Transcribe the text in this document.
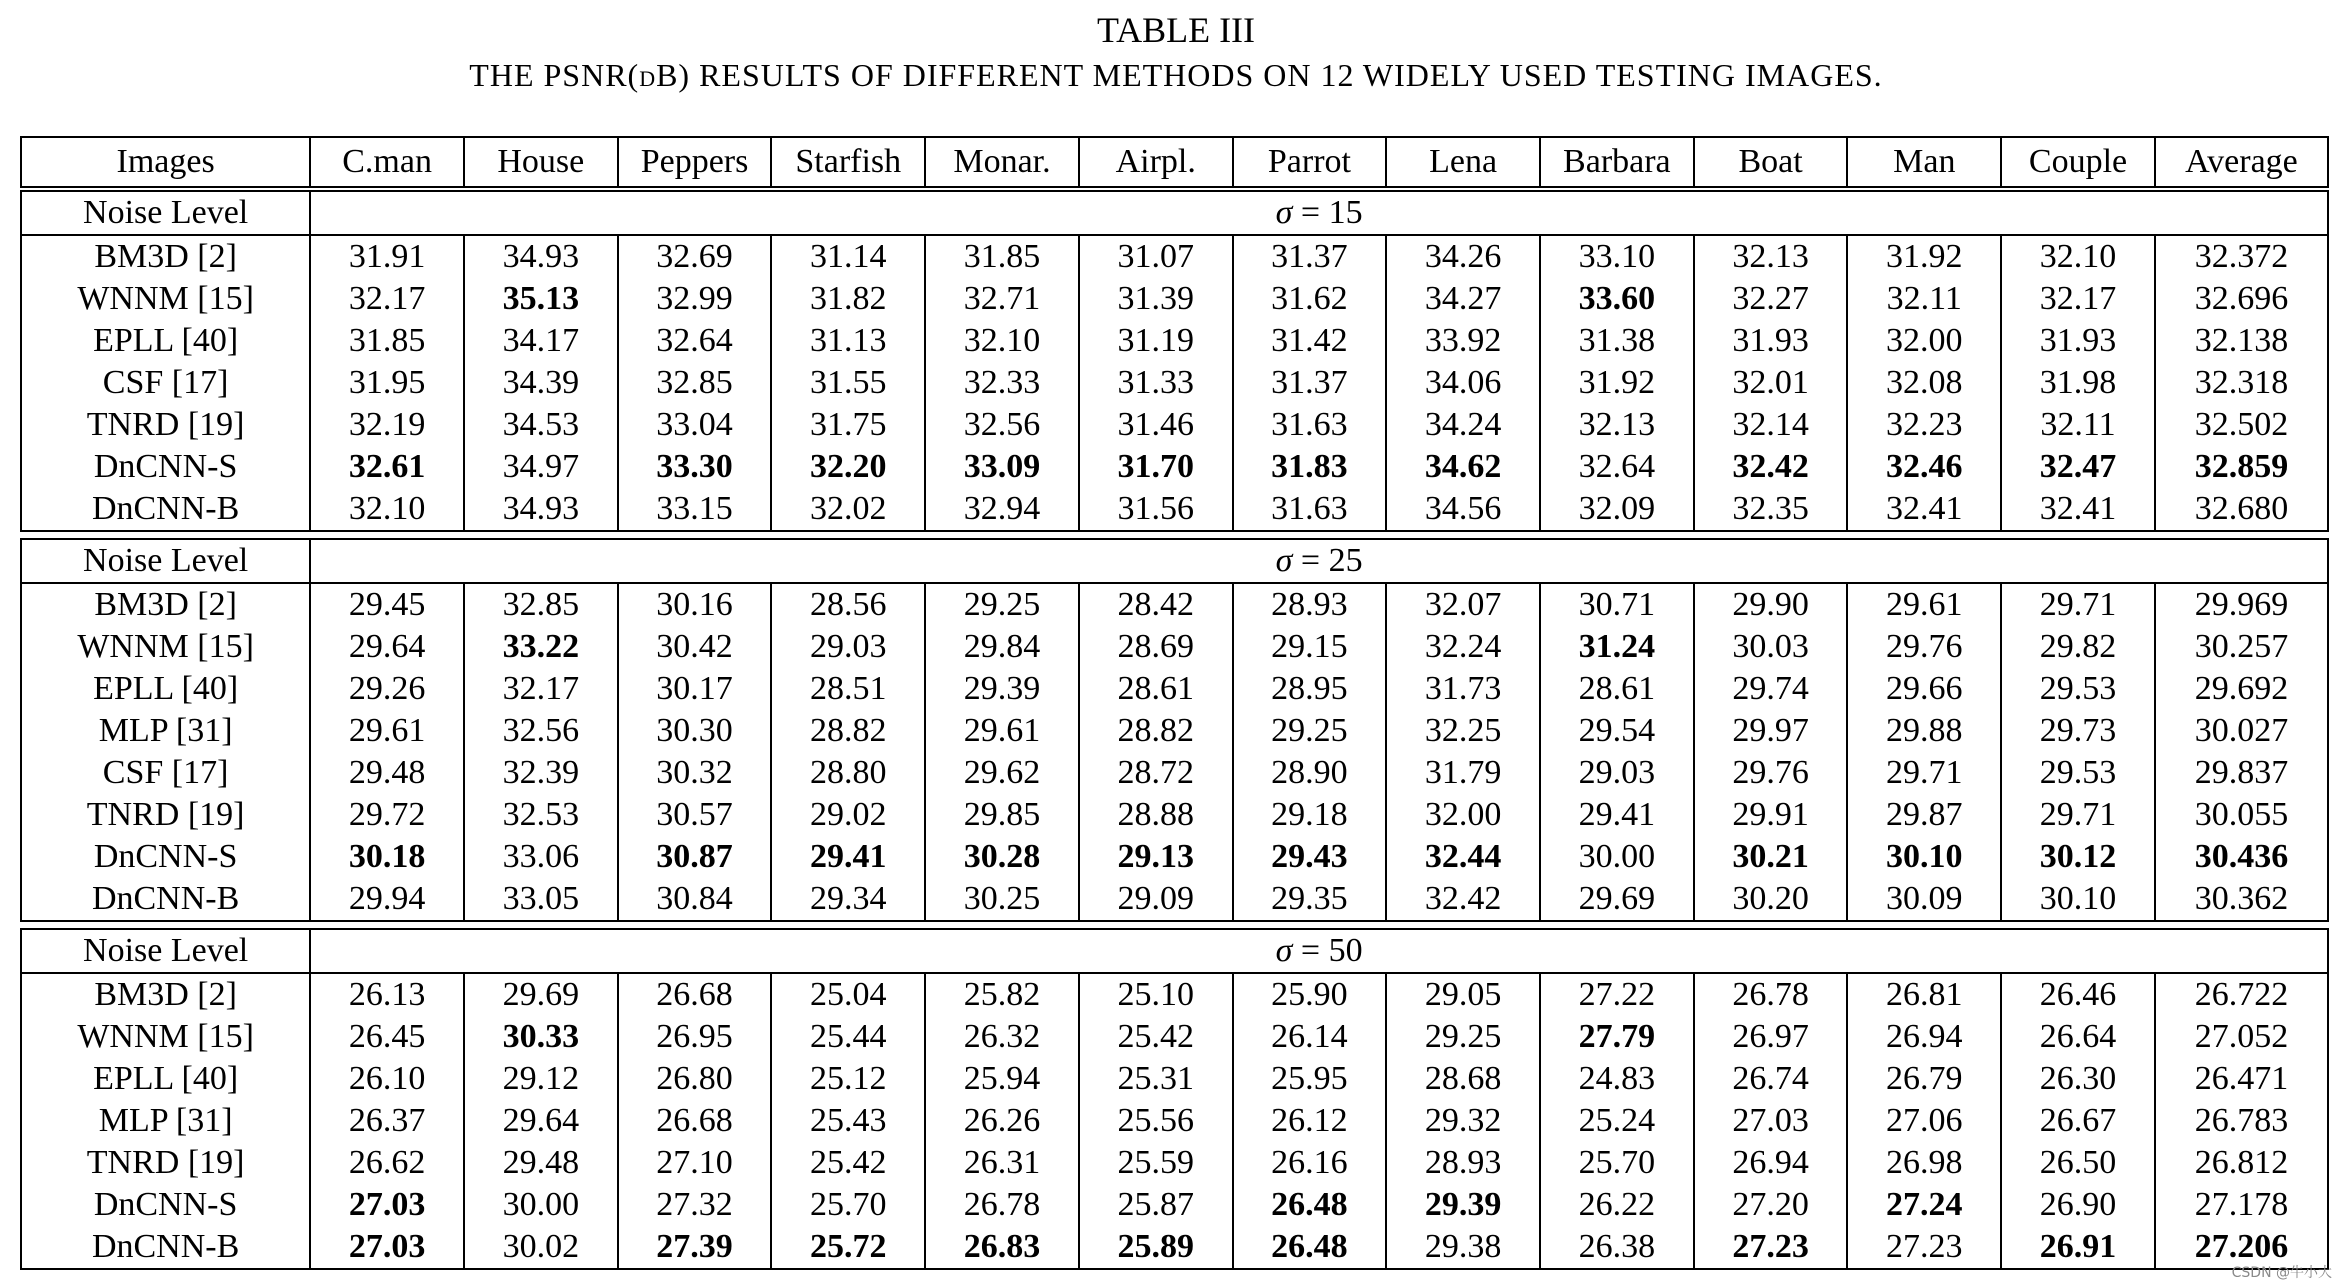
TABLE III
THE PSNR(dB) RESULTS OF DIFFERENT METHODS ON 12 WIDELY USED TESTING IMAGES.
Images	C.man	House	Peppers	Starfish	Monar.	Airpl.	Parrot	Lena	Barbara	Boat	Man	Couple	Average
Noise Level	σ = 15												
BM3D [2]	31.91	34.93	32.69	31.14	31.85	31.07	31.37	34.26	33.10	32.13	31.92	32.10	32.372
WNNM [15]	32.17	35.13	32.99	31.82	32.71	31.39	31.62	34.27	33.60	32.27	32.11	32.17	32.696
EPLL [40]	31.85	34.17	32.64	31.13	32.10	31.19	31.42	33.92	31.38	31.93	32.00	31.93	32.138
CSF [17]	31.95	34.39	32.85	31.55	32.33	31.33	31.37	34.06	31.92	32.01	32.08	31.98	32.318
TNRD [19]	32.19	34.53	33.04	31.75	32.56	31.46	31.63	34.24	32.13	32.14	32.23	32.11	32.502
DnCNN-S	32.61	34.97	33.30	32.20	33.09	31.70	31.83	34.62	32.64	32.42	32.46	32.47	32.859
DnCNN-B	32.10	34.93	33.15	32.02	32.94	31.56	31.63	34.56	32.09	32.35	32.41	32.41	32.680
Noise Level	σ = 25												
BM3D [2]	29.45	32.85	30.16	28.56	29.25	28.42	28.93	32.07	30.71	29.90	29.61	29.71	29.969
WNNM [15]	29.64	33.22	30.42	29.03	29.84	28.69	29.15	32.24	31.24	30.03	29.76	29.82	30.257
EPLL [40]	29.26	32.17	30.17	28.51	29.39	28.61	28.95	31.73	28.61	29.74	29.66	29.53	29.692
MLP [31]	29.61	32.56	30.30	28.82	29.61	28.82	29.25	32.25	29.54	29.97	29.88	29.73	30.027
CSF [17]	29.48	32.39	30.32	28.80	29.62	28.72	28.90	31.79	29.03	29.76	29.71	29.53	29.837
TNRD [19]	29.72	32.53	30.57	29.02	29.85	28.88	29.18	32.00	29.41	29.91	29.87	29.71	30.055
DnCNN-S	30.18	33.06	30.87	29.41	30.28	29.13	29.43	32.44	30.00	30.21	30.10	30.12	30.436
DnCNN-B	29.94	33.05	30.84	29.34	30.25	29.09	29.35	32.42	29.69	30.20	30.09	30.10	30.362
Noise Level	σ = 50												
BM3D [2]	26.13	29.69	26.68	25.04	25.82	25.10	25.90	29.05	27.22	26.78	26.81	26.46	26.722
WNNM [15]	26.45	30.33	26.95	25.44	26.32	25.42	26.14	29.25	27.79	26.97	26.94	26.64	27.052
EPLL [40]	26.10	29.12	26.80	25.12	25.94	25.31	25.95	28.68	24.83	26.74	26.79	26.30	26.471
MLP [31]	26.37	29.64	26.68	25.43	26.26	25.56	26.12	29.32	25.24	27.03	27.06	26.67	26.783
TNRD [19]	26.62	29.48	27.10	25.42	26.31	25.59	26.16	28.93	25.70	26.94	26.98	26.50	26.812
DnCNN-S	27.03	30.00	27.32	25.70	26.78	25.87	26.48	29.39	26.22	27.20	27.24	26.90	27.178
DnCNN-B	27.03	30.02	27.39	25.72	26.83	25.89	26.48	29.38	26.38	27.23	27.23	26.91	27.206
CSDN @牛小大
